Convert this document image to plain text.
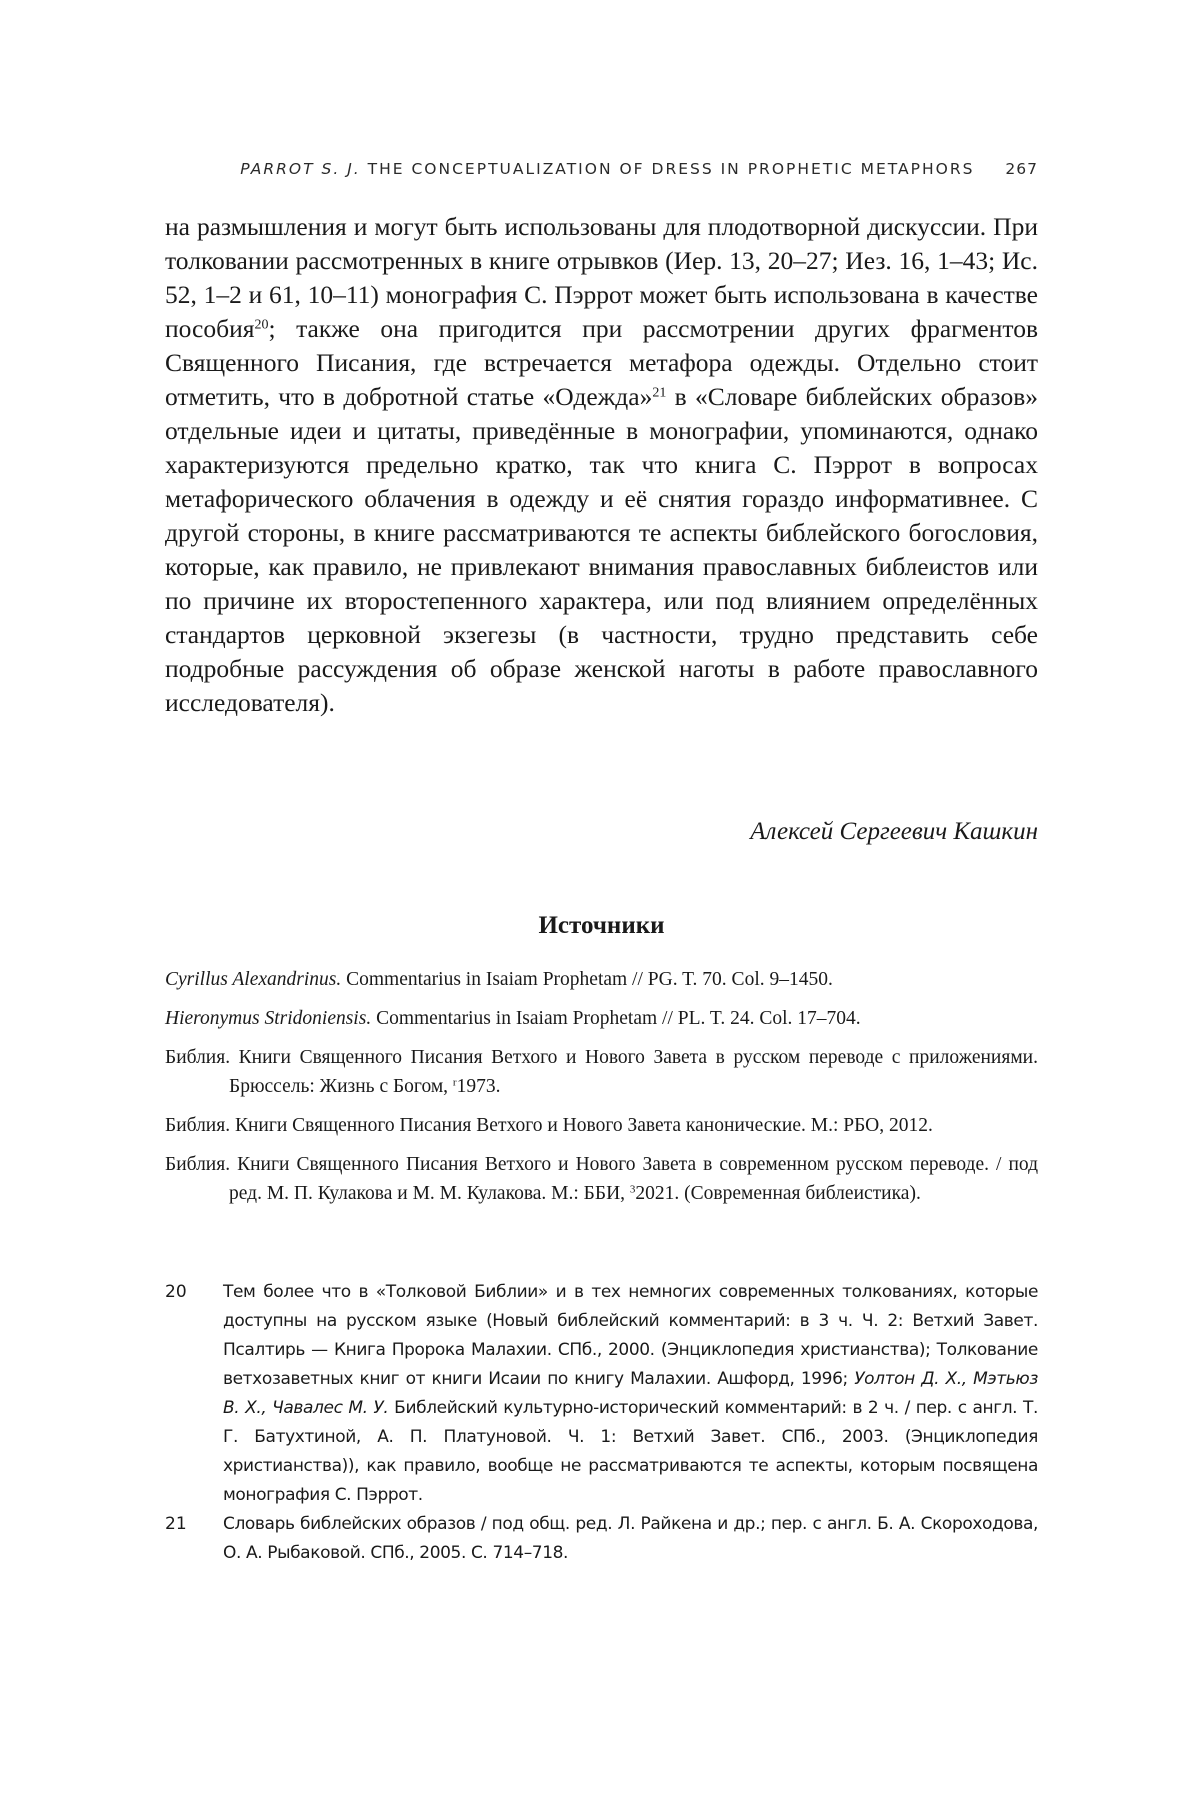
PARROT S. J. THE CONCEPTUALIZATION OF DRESS IN PROPHETIC METAPHORS 267

на размышления и могут быть использованы для плодотворной дискуссии. При толковании рассмотренных в книге отрывков (Иер. 13, 20–27; Иез. 16, 1–43; Ис. 52, 1–2 и 61, 10–11) монография С. Пэррот может быть использована в качестве пособия$^{20}$; также она пригодится при рассмотрении других фрагментов Священного Писания, где встречается метафора одежды. Отдельно стоит отметить, что в добротной статье «Одежда»$^{21}$ в «Словаре библейских образов» отдельные идеи и цитаты, приведённые в монографии, упоминаются, однако характеризуются предельно кратко, так что книга С. Пэррот в вопросах метафорического облачения в одежду и её снятия гораздо информативнее. С другой стороны, в книге рассматриваются те аспекты библейского богословия, которые, как правило, не привлекают внимания православных библеистов или по причине их второстепенного характера, или под влиянием определённых стандартов церковной экзегезы (в частности, трудно представить себе подробные рассуждения об образе женской наготы в работе православного исследователя).

Алексей Сергеевич Кашкин
Источники
Cyrillus Alexandrinus. Commentarius in Isaiam Prophetam // PG. T. 70. Col. 9–1450.
Hieronymus Stridoniensis. Commentarius in Isaiam Prophetam // PL. T. 24. Col. 17–704.
Библия. Книги Священного Писания Ветхого и Нового Завета в русском переводе с приложениями. Брюссель: Жизнь с Богом, $^r$1973.
Библия. Книги Священного Писания Ветхого и Нового Завета канонические. М.: РБО, 2012.
Библия. Книги Священного Писания Ветхого и Нового Завета в современном русском переводе. / под ред. М. П. Кулакова и М. М. Кулакова. М.: ББИ, $^3$2021. (Современная библеистика).
20	Тем более что в «Толковой Библии» и в тех немногих современных толкованиях, которые доступны на русском языке (Новый библейский комментарий: в 3 ч. Ч. 2: Ветхий Завет. Псалтирь — Книга Пророка Малахии. СПб., 2000. (Энциклопедия христианства); Толкование ветхозаветных книг от книги Исаии по книгу Малахии. Ашфорд, 1996; Уолтон Д. Х., Мэтьюз В. Х., Чавалес М. У. Библейский культурно-исторический комментарий: в 2 ч. / пер. с англ. Т. Г. Батухтиной, А. П. Платуновой. Ч. 1: Ветхий Завет. СПб., 2003. (Энциклопедия христианства)), как правило, вообще не рассматриваются те аспекты, которым посвящена монография С. Пэррот.
21	Словарь библейских образов / под общ. ред. Л. Райкена и др.; пер. с англ. Б. А. Скороходова, О. А. Рыбаковой. СПб., 2005. С. 714–718.
